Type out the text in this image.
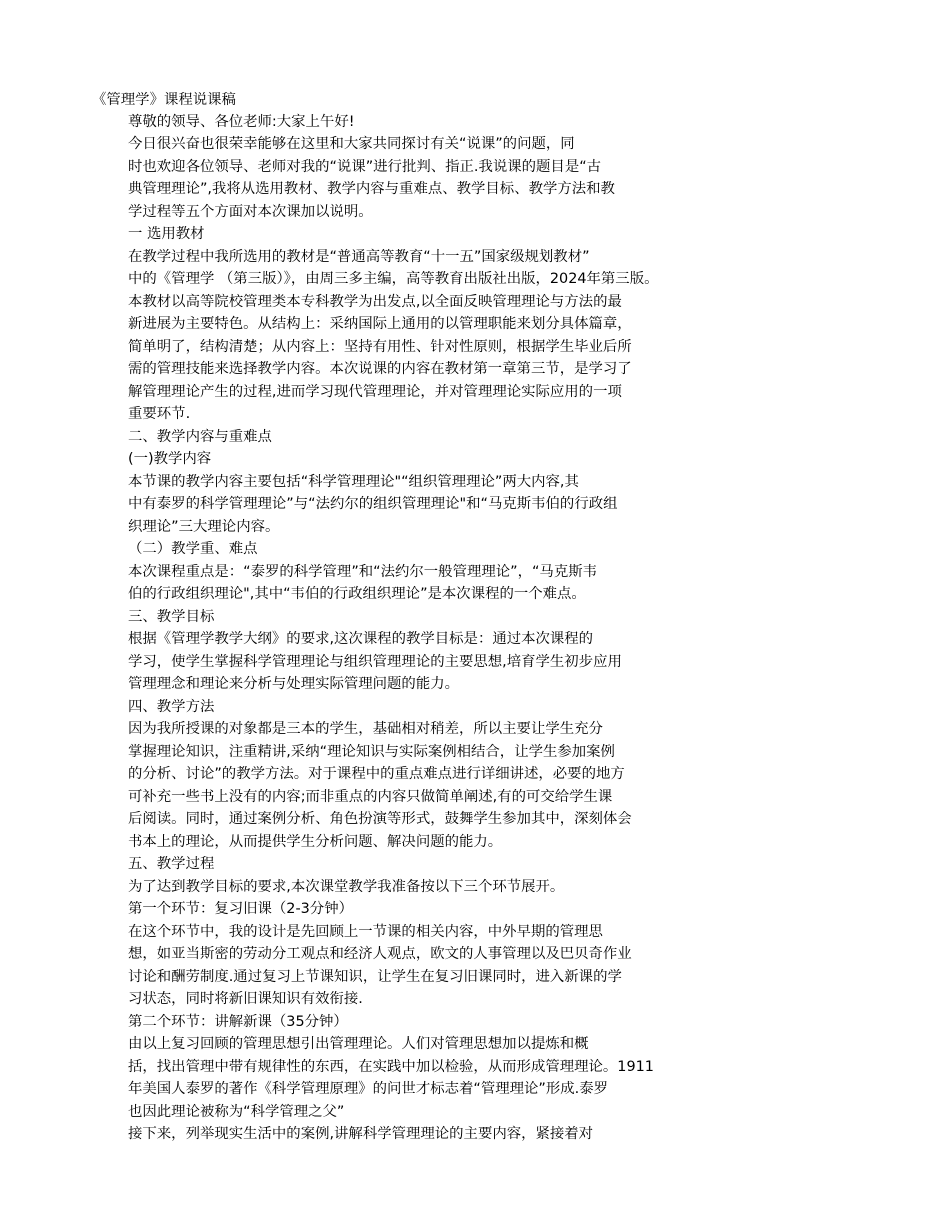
《管理学》课程说课稿
尊敬的领导、各位老师:大家上午好!
今日很兴奋也很荣幸能够在这里和大家共同探讨有关“说课”的问题，同
时也欢迎各位领导、老师对我的“说课”进行批判、指正.我说课的题目是“古
典管理理论”,我将从选用教材、教学内容与重难点、教学目标、教学方法和教
学过程等五个方面对本次课加以说明。
一 选用教材
在教学过程中我所选用的教材是“普通高等教育“十一五”国家级规划教材”
中的《管理学 （第三版）》，由周三多主编，高等教育出版社出版，2024年第三版。
本教材以高等院校管理类本专科教学为出发点,以全面反映管理理论与方法的最
新进展为主要特色。从结构上：采纳国际上通用的以管理职能来划分具体篇章，
简单明了，结构清楚；从内容上：坚持有用性、针对性原则，根据学生毕业后所
需的管理技能来选择教学内容。本次说课的内容在教材第一章第三节，是学习了
解管理理论产生的过程,进而学习现代管理理论，并对管理理论实际应用的一项
重要环节.
二、教学内容与重难点
(一)教学内容
本节课的教学内容主要包括“科学管理理论"“组织管理理论”两大内容,其
中有泰罗的科学管理理论”与“法约尔的组织管理理论"和“马克斯韦伯的行政组
织理论”三大理论内容。
（二）教学重、难点
本次课程重点是：“泰罗的科学管理”和“法约尔一般管理理论”，“马克斯韦
伯的行政组织理论",其中“韦伯的行政组织理论”是本次课程的一个难点。
三、教学目标
根据《管理学教学大纲》的要求,这次课程的教学目标是：通过本次课程的
学习，使学生掌握科学管理理论与组织管理理论的主要思想,培育学生初步应用
管理理念和理论来分析与处理实际管理问题的能力。
四、教学方法
因为我所授课的对象都是三本的学生，基础相对稍差，所以主要让学生充分
掌握理论知识，注重精讲,采纳“理论知识与实际案例相结合，让学生参加案例
的分析、讨论”的教学方法。对于课程中的重点难点进行详细讲述，必要的地方
可补充一些书上没有的内容;而非重点的内容只做简单阐述,有的可交给学生课
后阅读。同时，通过案例分析、角色扮演等形式，鼓舞学生参加其中，深刻体会
书本上的理论，从而提供学生分析问题、解决问题的能力。
五、教学过程
为了达到教学目标的要求,本次课堂教学我准备按以下三个环节展开。
第一个环节：复习旧课（2-3分钟）
在这个环节中，我的设计是先回顾上一节课的相关内容，中外早期的管理思
想，如亚当斯密的劳动分工观点和经济人观点，欧文的人事管理以及巴贝奇作业
讨论和酬劳制度.通过复习上节课知识，让学生在复习旧课同时，进入新课的学
习状态，同时将新旧课知识有效衔接.
第二个环节：讲解新课（35分钟）
由以上复习回顾的管理思想引出管理理论。人们对管理思想加以提炼和概
括，找出管理中带有规律性的东西，在实践中加以检验，从而形成管理理论。1911
年美国人泰罗的著作《科学管理原理》的问世才标志着“管理理论”形成.泰罗
也因此理论被称为“科学管理之父”
接下来，列举现实生活中的案例,讲解科学管理理论的主要内容，紧接着对
